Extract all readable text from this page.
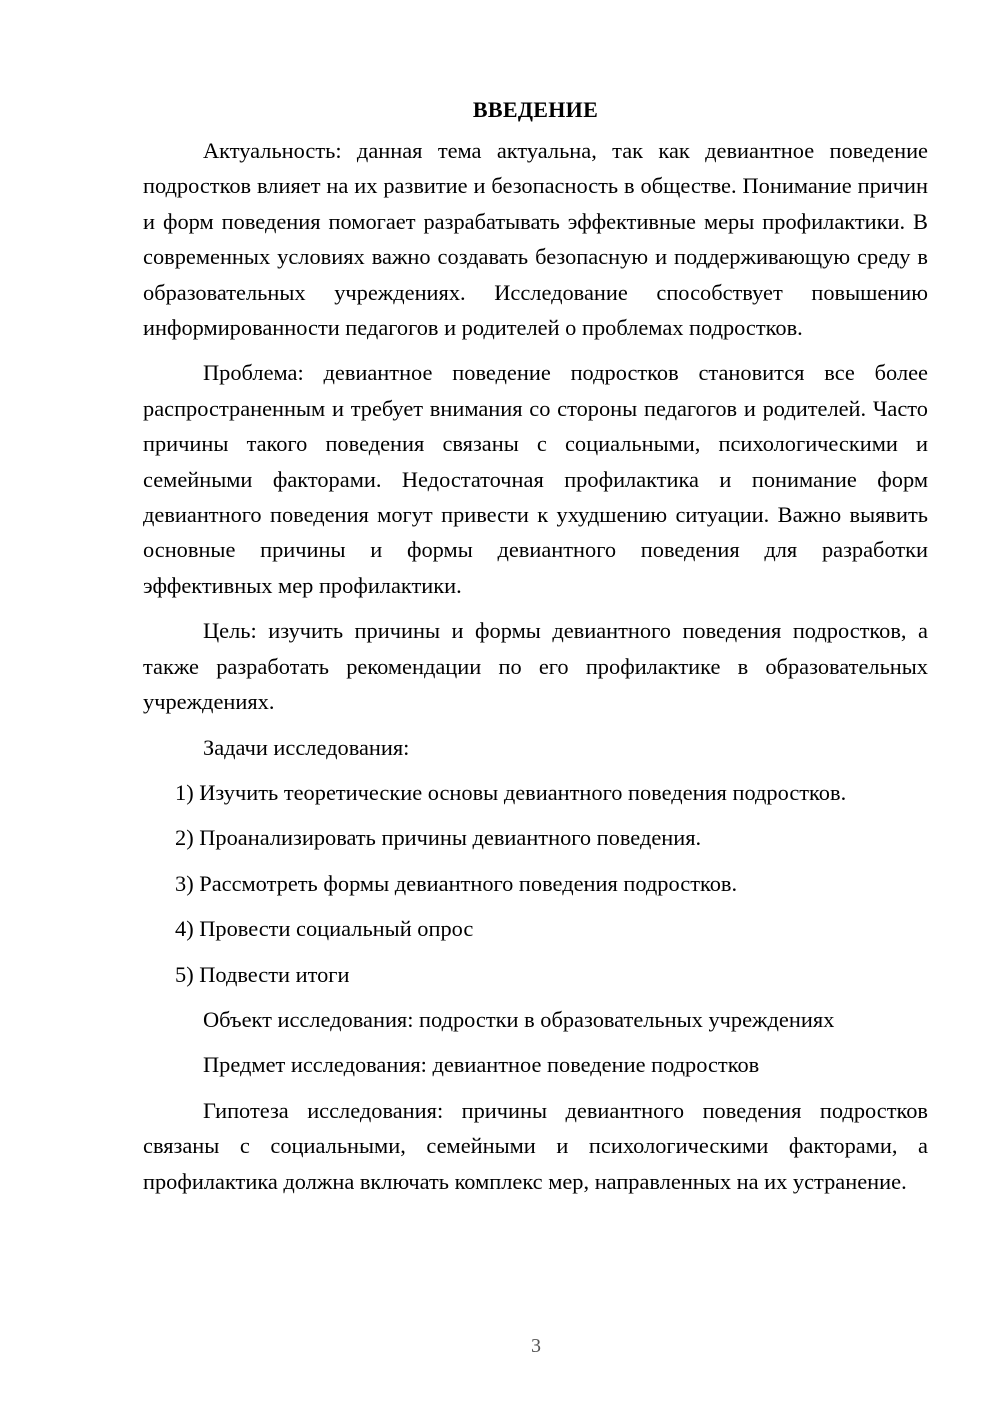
ВВЕДЕНИЕ

Актуальность: данная тема актуальна, так как девиантное поведение подростков влияет на их развитие и безопасность в обществе. Понимание причин и форм поведения помогает разрабатывать эффективные меры профилактики. В современных условиях важно создавать безопасную и поддерживающую среду в образовательных учреждениях. Исследование способствует повышению информированности педагогов и родителей о проблемах подростков.

Проблема: девиантное поведение подростков становится все более распространенным и требует внимания со стороны педагогов и родителей. Часто причины такого поведения связаны с социальными, психологическими и семейными факторами. Недостаточная профилактика и понимание форм девиантного поведения могут привести к ухудшению ситуации. Важно выявить основные причины и формы девиантного поведения для разработки эффективных мер профилактики.

Цель: изучить причины и формы девиантного поведения подростков, а также разработать рекомендации по его профилактике в образовательных учреждениях.

Задачи исследования:
1) Изучить теоретические основы девиантного поведения подростков.
2) Проанализировать причины девиантного поведения.
3) Рассмотреть формы девиантного поведения подростков.
4) Провести социальный опрос
5) Подвести итоги
Объект исследования: подростки в образовательных учреждениях
Предмет исследования: девиантное поведение подростков

Гипотеза исследования: причины девиантного поведения подростков связаны с социальными, семейными и психологическими факторами, а профилактика должна включать комплекс мер, направленных на их устранение.

3
